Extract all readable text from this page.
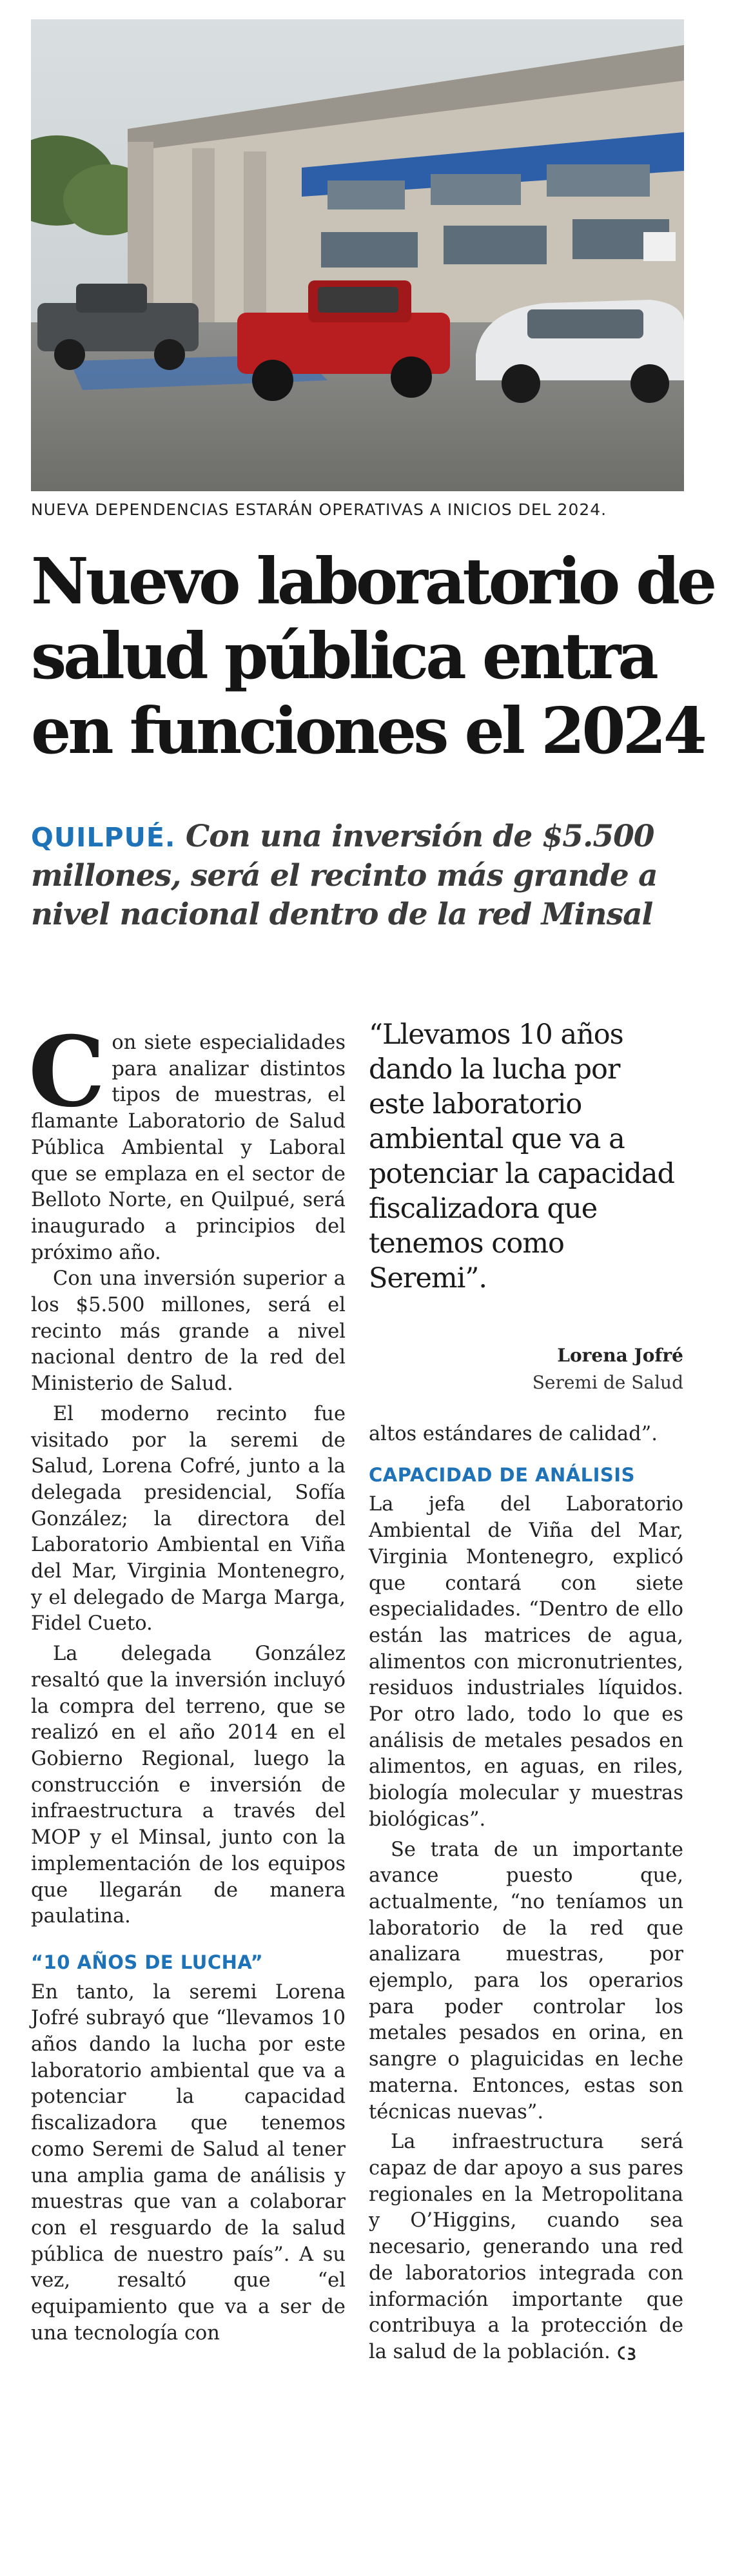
NUEVA DEPENDENCIAS ESTARÁN OPERATIVAS A INICIOS DEL 2024.
Nuevo laboratorio de
salud pública entra
en funciones el 2024
QUILPUÉ. Con una inversión de $5.500
millones, será el recinto más grande a
nivel nacional dentro de la red Minsal

Con siete especialidades para analizar distintos tipos de muestras, el flamante Laboratorio de Salud Pública Ambiental y Laboral que se emplaza en el sector de Belloto Norte, en Quilpué, será inaugurado a principios del próximo año.

Con una inversión superior a los $5.500 millones, será el recinto más grande a nivel nacional dentro de la red del Ministerio de Salud.

El moderno recinto fue visitado por la seremi de Salud, Lorena Cofré, junto a la delegada presidencial, Sofía González; la directora del Laboratorio Ambiental en Viña del Mar, Virginia Montenegro, y el delegado de Marga Marga, Fidel Cueto.

La delegada González resaltó que la inversión incluyó la compra del terreno, que se realizó en el año 2014 en el Gobierno Regional, luego la construcción e inversión de infraestructura a través del MOP y el Minsal, junto con la implementación de los equipos que llegarán de manera paulatina.

“10 AÑOS DE LUCHA”

En tanto, la seremi Lorena Jofré subrayó que “llevamos 10 años dando la lucha por este laboratorio ambiental que va a potenciar la capacidad fiscalizadora que tenemos como Seremi de Salud al tener una amplia gama de análisis y muestras que van a colaborar con el resguardo de la salud pública de nuestro país”. A su vez, resaltó que “el equipamiento que va a ser de una tecnología con

“Llevamos 10 años dando la lucha por este laboratorio ambiental que va a potenciar la capacidad fiscalizadora que tenemos como Seremi”.
Lorena Jofré
Seremi de Salud

altos estándares de calidad”.

CAPACIDAD DE ANÁLISIS

La jefa del Laboratorio Ambiental de Viña del Mar, Virginia Montenegro, explicó que contará con siete especialidades. “Dentro de ello están las matrices de agua, alimentos con micronutrientes, residuos industriales líquidos. Por otro lado, todo lo que es análisis de metales pesados en alimentos, en aguas, en riles, biología molecular y muestras biológicas”.

Se trata de un importante avance puesto que, actualmente, “no teníamos un laboratorio de la red que analizara muestras, por ejemplo, para los operarios para poder controlar los metales pesados en orina, en sangre o plaguicidas en leche materna. Entonces, estas son técnicas nuevas”.

La infraestructura será capaz de dar apoyo a sus pares regionales en la Metropolitana y O’Higgins, cuando sea necesario, generando una red de laboratorios integrada con información importante que contribuya a la protección de la salud de la población.
